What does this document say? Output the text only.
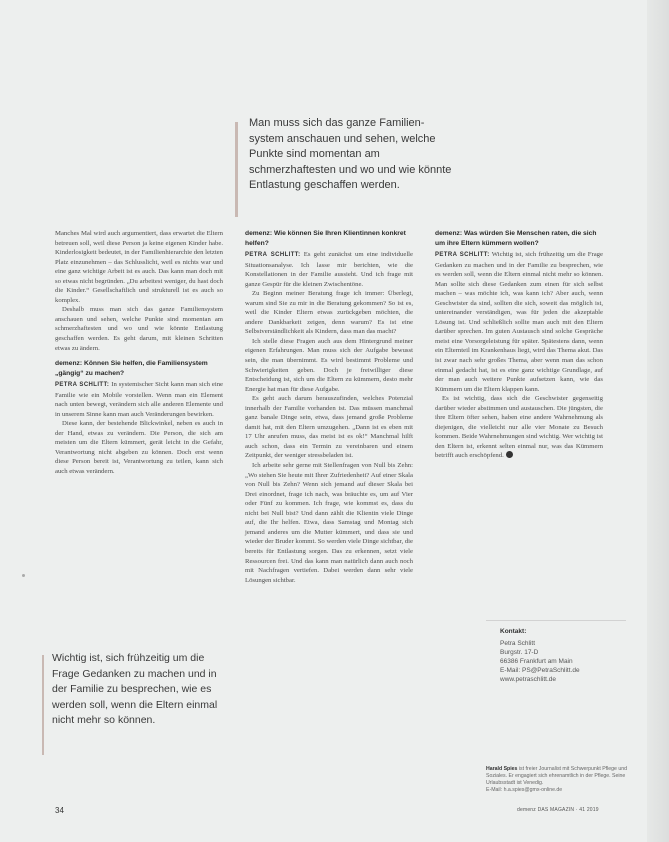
Man muss sich das ganze Familien-system anschauen und sehen, welche Punkte sind momentan am schmerzhaftesten und wo und wie könnte Entlastung geschaffen werden.

Manches Mal wird auch argumentiert, dass erwartet die Eltern betreuen soll, weil diese Person ja keine eigenen Kinder habe. Kinderlosigkeit bedeutet, in der Familienhierarchie den letzten Platz einzunehmen – das Schlusslicht, weil es nichts war und eine ganz wichtige Arbeit ist es auch. Das kann man doch mit so etwas nicht begründen. „Du arbeitest weniger, du hast doch die Kinder.“ Gesellschaftlich und strukturell ist es auch so komplex.

Deshalb muss man sich das ganze Familiensystem anschauen und sehen, welche Punkte sind momentan am schmerzhaftesten und wo und wie könnte Entlastung geschaffen werden. Es geht darum, mit kleinen Schritten etwas zu ändern.

demenz: Können Sie helfen, die Familiensystem „gängig“ zu machen?

PETRA SCHLITT: In systemischer Sicht kann man sich eine Familie wie ein Mobile vorstellen. Wenn man ein Element nach unten bewegt, verändern sich alle anderen Elemente und in unserem Sinne kann man auch Veränderungen bewirken.

Diese kann, der bestehende Blickwinkel, neben es auch in der Hand, etwas zu verändern. Die Person, die sich am meisten um die Eltern kümmert, gerät leicht in die Gefahr, Verantwortung nicht abgeben zu können. Doch erst wenn diese Person bereit ist, Verantwortung zu teilen, kann sich auch etwas verändern.

Wichtig ist, sich frühzeitig um die Frage Gedanken zu machen und in der Familie zu besprechen, wie es werden soll, wenn die Eltern einmal nicht mehr so können.
demenz: Wie können Sie Ihren Klientinnen konkret helfen?

PETRA SCHLITT: Es geht zunächst um eine individuelle Situationsanalyse. Ich lasse mir berichten, wie die Konstellationen in der Familie aussieht. Und ich frage mit ganze Gespür für die kleinen Zwischentöne.

Zu Beginn meiner Beratung frage ich immer: Überlegt, warum sind Sie zu mir in die Beratung gekommen? So ist es, weil die Kinder Eltern etwas zurückgeben möchten, die andere Dankbarkeit zeigen, denn warum? Es ist eine Selbstverständlichkeit als Kindern, dass man das macht?

Ich stelle diese Fragen auch aus dem Hintergrund meiner eigenen Erfahrungen. Man muss sich der Aufgabe bewusst sein, die man übernimmt. Es wird bestimmt Probleme und Schwierigkeiten geben. Doch je freiwilliger diese Entscheidung ist, sich um die Eltern zu kümmern, desto mehr Energie hat man für diese Aufgabe.

Es geht auch darum herauszufinden, welches Potenzial innerhalb der Familie vorhanden ist. Das müssen manchmal ganz banale Dinge sein, etwa, dass jemand große Probleme damit hat, mit den Eltern umzugehen. „Dann ist es eben mit 17 Uhr anrufen muss, das meist ist es ok!“ Manchmal hilft auch schon, dass ein Termin zu vereinbaren und einem Zeitpunkt, der weniger stressbeladen ist.

Ich arbeite sehr gerne mit Stellenfragen von Null bis Zehn: „Wo stehen Sie heute mit Ihrer Zufriedenheit? Auf einer Skala von Null bis Zehn? Wenn sich jemand auf dieser Skala bei Drei einordnet, frage ich nach, was bräuchte es, um auf Vier oder Fünf zu kommen. Ich frage, wie kommst es, dass du nicht bei Null bist? Und dann zählt die Klientin viele Dinge auf, die Ihr helfen. Etwa, dass Samstag und Montag sich jemand anderes um die Mutter kümmert, und dass sie und wieder der Bruder kommt. So werden viele Dinge sichtbar, die bereits für Entlastung sorgen. Das zu erkennen, setzt viele Ressourcen frei. Und das kann man natürlich dann auch noch mit Nachfragen vertiefen. Dabei werden dann sehr viele Lösungen sichtbar.

demenz: Was würden Sie Menschen raten, die sich um ihre Eltern kümmern wollen?

PETRA SCHLITT: Wichtig ist, sich frühzeitig um die Frage Gedanken zu machen und in der Familie zu besprechen, wie es werden soll, wenn die Eltern einmal nicht mehr so können. Man sollte sich diese Gedanken zum einen für sich selbst machen – was möchte ich, was kann ich? Aber auch, wenn Geschwister da sind, sollten die sich, soweit das möglich ist, untereinander verständigen, was für jeden die akzeptable Lösung ist. Und schließlich sollte man auch mit den Eltern darüber sprechen. Im guten Austausch sind solche Gespräche meist eine Vorsorgeleistung für später. Spätestens dann, wenn ein Elternteil im Krankenhaus liegt, wird das Thema akut. Das ist zwar nach sehr großes Thema, aber wenn man das schon einmal gedacht hat, ist es eine ganz wichtige Grundlage, auf der man auch weitere Punkte aufsetzen kann, wie das Kümmern um die Eltern klappen kann.

Es ist wichtig, dass sich die Geschwister gegenseitig darüber wieder abstimmen und austauschen. Die jüngsten, die ihre Eltern öfter sehen, haben eine andere Wahrnehmung als diejenigen, die vielleicht nur alle vier Monate zu Besuch kommen. Beide Wahrnehmungen sind wichtig. Wer wichtig ist den Eltern ist, erkennt selten einmal nur, was das Kümmern betrifft auch erschöpfend.

Kontakt:
Petra Schlitt
Burgstr. 17-D
66386 Frankfurt am Main
E-Mail: PS@PetraSchlitt.de
www.petraschlitt.de
Harald Spies ist freier Journalist mit Schwerpunkt Pflege und Soziales. Er engagiert sich ehrenamtlich in der Pflege. Seine Urlaubsstadt ist Venedig.
E-Mail: h.a.spies@gmx-online.de
34	demenz DAS MAGAZIN · 41 2019
